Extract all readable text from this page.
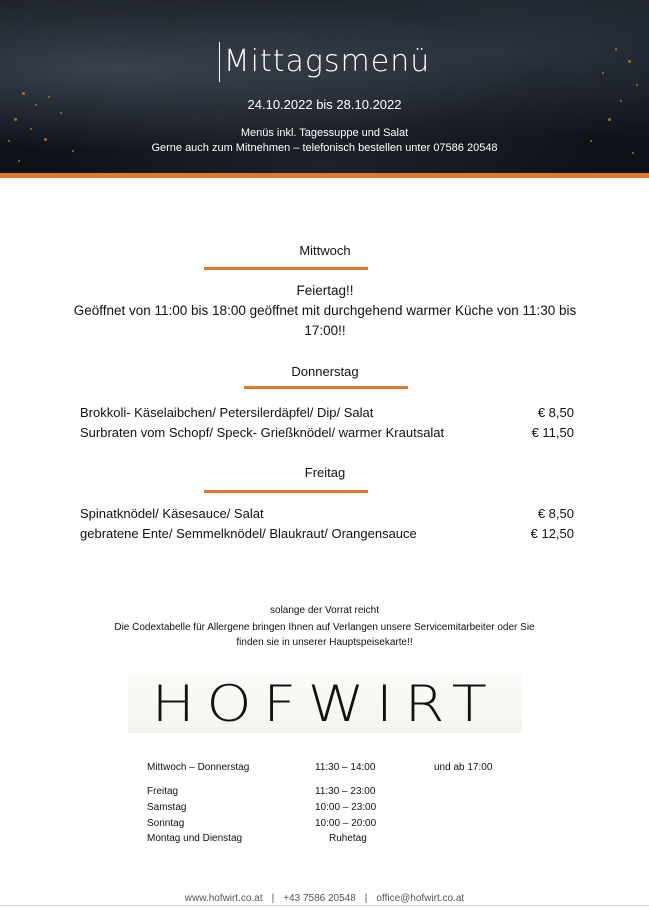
Mittagsmenü
24.10.2022 bis 28.10.2022
Menüs inkl. Tagessuppe und Salat
Gerne auch zum Mitnehmen – telefonisch bestellen unter 07586 20548
Mittwoch
Feiertag!!
Geöffnet von 11:00 bis 18:00 geöffnet mit durchgehend warmer Küche von 11:30 bis
17:00!!
Donnerstag
Brokkoli- Käselaibchen/ Petersilerdäpfel/ Dip/ Salat	€ 8,50
Surbraten vom Schopf/ Speck- Grießknödel/ warmer Krautsalat	€ 11,50
Freitag
Spinatknödel/ Käsesauce/ Salat	€ 8,50
gebratene Ente/ Semmelknödel/ Blaukraut/ Orangensauce	€ 12,50
solange der Vorrat reicht
Die Codextabelle für Allergene bringen Ihnen auf Verlangen unsere Servicemitarbeiter oder Sie
finden sie in unserer Hauptspeisekarte!!
HOFWIRT
Mittwoch – Donnerstag	11:30 – 14:00	und ab 17:00
Freitag	11:30 – 23:00
Samstag	10:00 – 23:00
Sonntag	10:00 – 20:00
Montag und Dienstag	Ruhetag
www.hofwirt.co.at | +43 7586 20548 | office@hofwirt.co.at
